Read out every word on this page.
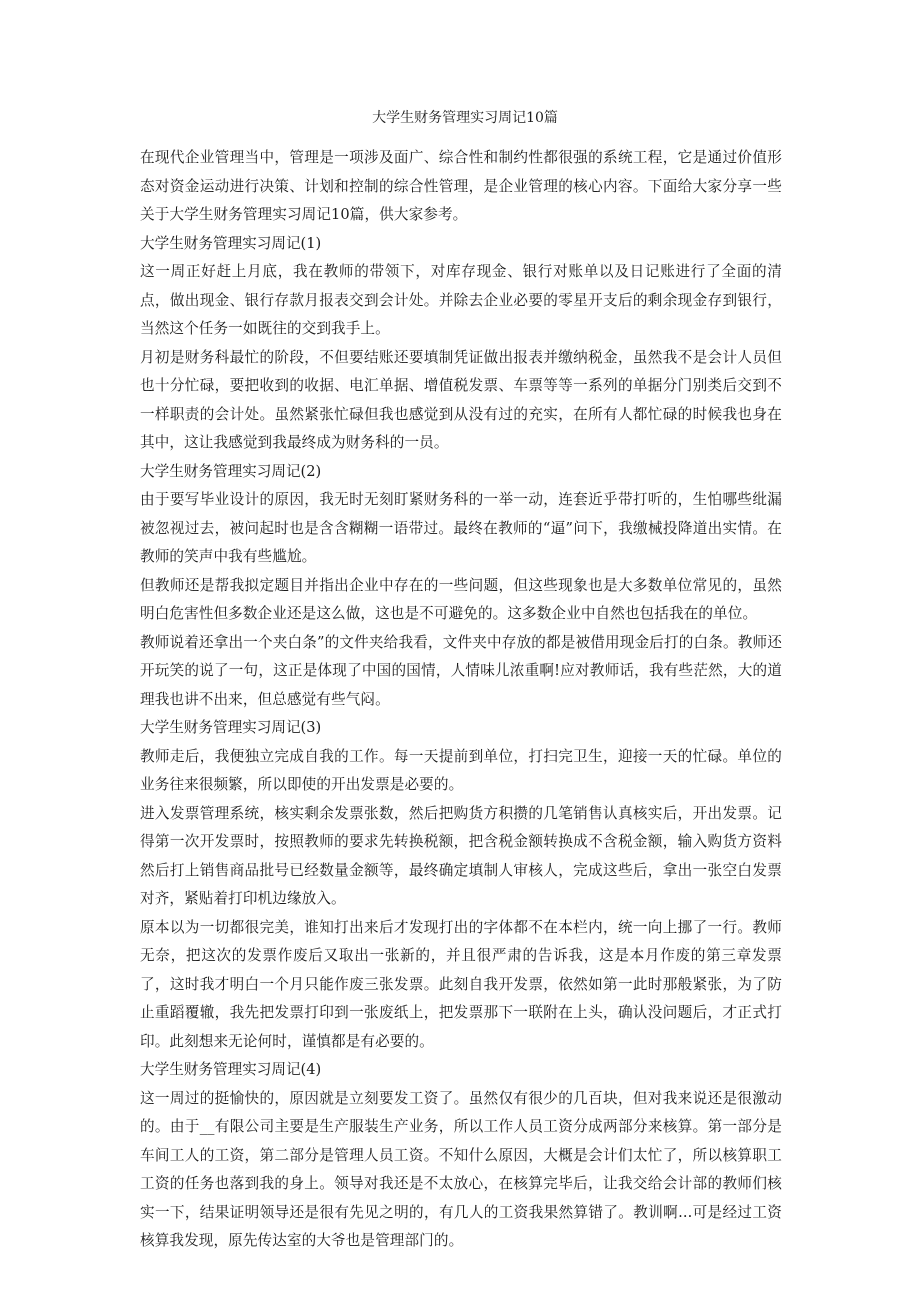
大学生财务管理实习周记10篇

在现代企业管理当中，管理是一项涉及面广、综合性和制约性都很强的系统工程，它是通过价值形态对资金运动进行决策、计划和控制的综合性管理，是企业管理的核心内容。下面给大家分享一些关于大学生财务管理实习周记10篇，供大家参考。

大学生财务管理实习周记(1)

这一周正好赶上月底，我在教师的带领下，对库存现金、银行对账单以及日记账进行了全面的清点，做出现金、银行存款月报表交到会计处。并除去企业必要的零星开支后的剩余现金存到银行，当然这个任务一如既往的交到我手上。

月初是财务科最忙的阶段，不但要结账还要填制凭证做出报表并缴纳税金，虽然我不是会计人员但也十分忙碌，要把收到的收据、电汇单据、增值税发票、车票等等一系列的单据分门别类后交到不一样职责的会计处。虽然紧张忙碌但我也感觉到从没有过的充实，在所有人都忙碌的时候我也身在其中，这让我感觉到我最终成为财务科的一员。

大学生财务管理实习周记(2)

由于要写毕业设计的原因，我无时无刻盯紧财务科的一举一动，连套近乎带打听的，生怕哪些纰漏被忽视过去，被问起时也是含含糊糊一语带过。最终在教师的“逼”问下，我缴械投降道出实情。在教师的笑声中我有些尴尬。

但教师还是帮我拟定题目并指出企业中存在的一些问题，但这些现象也是大多数单位常见的，虽然明白危害性但多数企业还是这么做，这也是不可避免的。这多数企业中自然也包括我在的单位。

教师说着还拿出一个夹白条”的文件夹给我看，文件夹中存放的都是被借用现金后打的白条。教师还开玩笑的说了一句，这正是体现了中国的国情，人情味儿浓重啊!应对教师话，我有些茫然，大的道理我也讲不出来，但总感觉有些气闷。

大学生财务管理实习周记(3)

教师走后，我便独立完成自我的工作。每一天提前到单位，打扫完卫生，迎接一天的忙碌。单位的业务往来很频繁，所以即使的开出发票是必要的。

进入发票管理系统，核实剩余发票张数，然后把购货方积攒的几笔销售认真核实后，开出发票。记得第一次开发票时，按照教师的要求先转换税额，把含税金额转换成不含税金额，输入购货方资料然后打上销售商品批号已经数量金额等，最终确定填制人审核人，完成这些后，拿出一张空白发票对齐，紧贴着打印机边缘放入。

原本以为一切都很完美，谁知打出来后才发现打出的字体都不在本栏内，统一向上挪了一行。教师无奈，把这次的发票作废后又取出一张新的，并且很严肃的告诉我，这是本月作废的第三章发票了，这时我才明白一个月只能作废三张发票。此刻自我开发票，依然如第一此时那般紧张，为了防止重蹈覆辙，我先把发票打印到一张废纸上，把发票那下一联附在上头，确认没问题后，才正式打印。此刻想来无论何时，谨慎都是有必要的。

大学生财务管理实习周记(4)

这一周过的挺愉快的，原因就是立刻要发工资了。虽然仅有很少的几百块，但对我来说还是很激动的。由于__有限公司主要是生产服装生产业务，所以工作人员工资分成两部分来核算。第一部分是车间工人的工资，第二部分是管理人员工资。不知什么原因，大概是会计们太忙了，所以核算职工工资的任务也落到我的身上。领导对我还是不太放心，在核算完毕后，让我交给会计部的教师们核实一下，结果证明领导还是很有先见之明的，有几人的工资我果然算错了。教训啊...可是经过工资核算我发现，原先传达室的大爷也是管理部门的。
